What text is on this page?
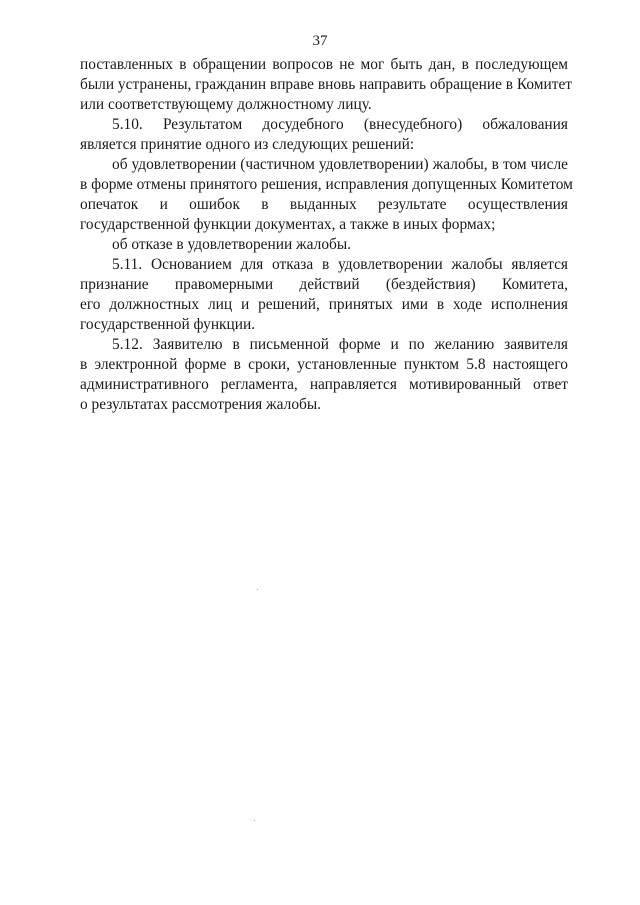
37
поставленных в обращении вопросов не мог быть дан, в последующем
были устранены, гражданин вправе вновь направить обращение в Комитет
или соответствующему должностному лицу.
5.10. Результатом досудебного (внесудебного) обжалования
является принятие одного из следующих решений:
об удовлетворении (частичном удовлетворении) жалобы, в том числе
в форме отмены принятого решения, исправления допущенных Комитетом
опечаток и ошибок в выданных результате осуществления
государственной функции документах, а также в иных формах;
об отказе в удовлетворении жалобы.
5.11. Основанием для отказа в удовлетворении жалобы является
признание правомерными действий (бездействия) Комитета,
его должностных лиц и решений, принятых ими в ходе исполнения
государственной функции.
5.12. Заявителю в письменной форме и по желанию заявителя
в электронной форме в сроки, установленные пунктом 5.8 настоящего
административного регламента, направляется мотивированный ответ
о результатах рассмотрения жалобы.
